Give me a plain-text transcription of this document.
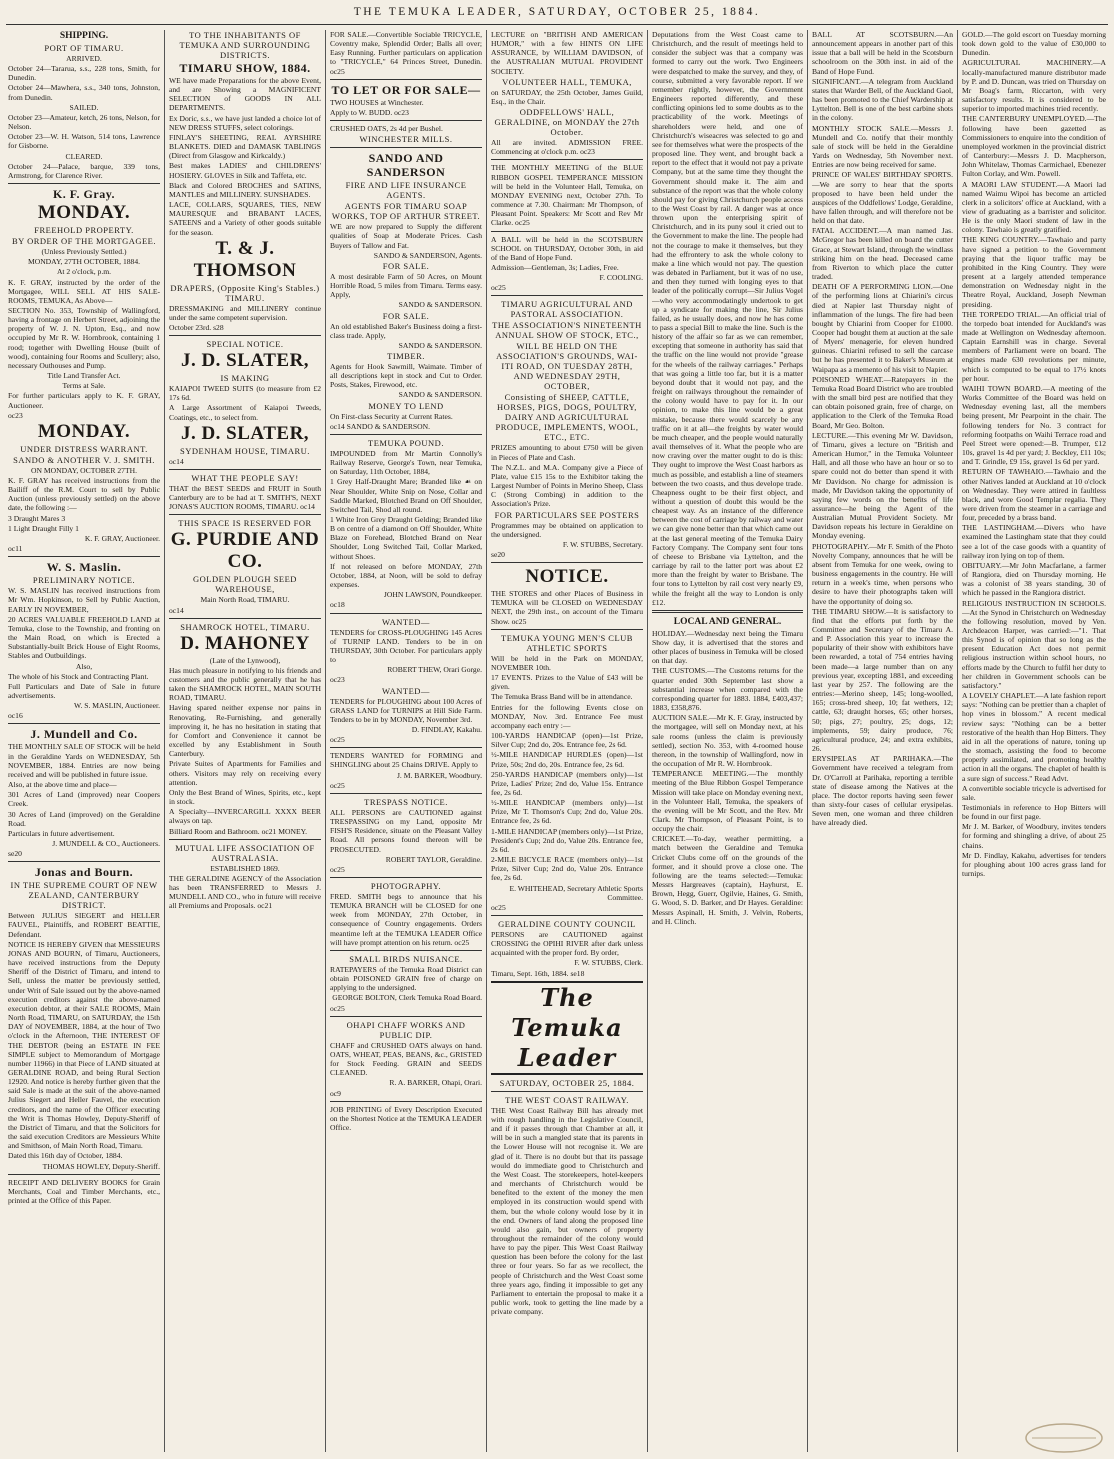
THE TEMUKA LEADER, SATURDAY, OCTOBER 25, 1884.
SHIPPING.
PORT OF TIMARU.
ARRIVED.

October 24—Tararua, s.s., 228 tons, Smith, for Dunedin.

October 24—Mawhera, s.s., 340 tons, Johnston, from Dunedin.

SAILED.

October 23—Amateur, ketch, 26 tons, Nelson, for Nelson.

October 23—W. H. Watson, 514 tons, Lawrence for Gisborne.

CLEARED.

October 24—Palace, barque, 339 tons, Armstrong, for Clarence River.

K. F. Gray.
MONDAY.
FREEHOLD PROPERTY.
BY ORDER OF THE MORTGAGEE.
(Unless Previously Settled.)
MONDAY, 27TH OCTOBER, 1884.
At 2 o'clock, p.m.

K. F. GRAY, instructed by the order of the Mortgagee, WILL SELL AT HIS SALE-ROOMS, TEMUKA, As Above—

SECTION No. 353, Township of Wallingford, having a frontage on Herbert Street, adjoining the property of W. J. N. Upton, Esq., and now occupied by Mr R. W. Hornbrook, containing 1 rood; together with Dwelling House (built of wood), containing four Rooms and Scullery; also, necessary Outhouses and Pump.

Title Land Transfer Act.
Terms at Sale.

For further particulars apply to K. F. GRAY, Auctioneer.

oc23

MONDAY.
UNDER DISTRESS WARRANT.
SANDO & ANOTHER V. J. SMITH.
ON MONDAY, OCTOBER 27TH.

K. F. GRAY has received instructions from the Bailiff of the R.M. Court to sell by Public Auction (unless previously settled) on the above date, the following :—

3 Draught Mares 3

1 Light Draught Filly 1

K. F. GRAY, Auctioneer.

oc11

W. S. Maslin.
PRELIMINARY NOTICE.

W. S. MASLIN has received instructions from Mr Wm. Hopkinson, to Sell by Public Auction, EARLY IN NOVEMBER,

20 ACRES VALUABLE FREEHOLD LAND at Temuka, close to the Township, and fronting on the Main Road, on which is Erected a Substantially-built Brick House of Eight Rooms, Stables and Outbuildings.

Also,

The whole of his Stock and Contracting Plant.

Full Particulars and Date of Sale in future advertisements.

W. S. MASLIN, Auctioneer.

oc16

J. Mundell and Co.

THE MONTHLY SALE OF STOCK will be held in the Geraldine Yards on WEDNESDAY, 5th NOVEMBER, 1884. Entries are now being received and will be published in future issue.

Also, at the above time and place—

301 Acres of Land (improved) near Coopers Creek.

30 Acres of Land (improved) on the Geraldine Road.

Particulars in future advertisement.

J. MUNDELL & CO., Auctioneers.

se20

Jonas and Bourn.
IN THE SUPREME COURT OF NEW ZEALAND, CANTERBURY DISTRICT.

Between JULIUS SIEGERT and HELLER FAUVEL, Plaintiffs, and ROBERT BEATTIE, Defendant.

NOTICE IS HEREBY GIVEN that MESSIEURS JONAS AND BOURN, of Timaru, Auctioneers, have received instructions from the Deputy Sheriff of the District of Timaru, and intend to Sell, unless the matter be previously settled, under Writ of Sale issued out by the above-named execution creditors against the above-named execution debtor, at their SALE ROOMS, Main North Road, TIMARU, on SATURDAY, the 15th DAY of NOVEMBER, 1884, at the hour of Two o'clock in the Afternoon, THE INTEREST OF THE DEBTOR (being an ESTATE IN FEE SIMPLE subject to Memorandum of Mortgage number 11966) in that Piece of LAND situated at GERALDINE ROAD, and being Rural Section 12920. And notice is hereby further given that the said Sale is made at the suit of the above-named Julius Siegert and Heller Fauvel, the execution creditors, and the name of the Officer executing the Writ is Thomas Howley, Deputy-Sheriff of the District of Timaru, and that the Solicitors for the said execution Creditors are Messieurs White and Smithson, of Main North Road, Timaru.

Dated this 16th day of October, 1884.

THOMAS HOWLEY, Deputy-Sheriff.

RECEIPT AND DELIVERY BOOKS for Grain Merchants, Coal and Timber Merchants, etc., printed at the Office of this Paper.

TO THE INHABITANTS OF TEMUKA AND SURROUNDING DISTRICTS.
TIMARU SHOW, 1884.

WE have made Preparations for the above Event, and are Showing a MAGNIFICENT SELECTION of GOODS IN ALL DEPARTMENTS.

Ex Doric, s.s., we have just landed a choice lot of NEW DRESS STUFFS, select colorings.

FINLAY'S SHEETING, REAL AYRSHIRE BLANKETS. DIED and DAMASK TABLINGS (Direct from Glasgow and Kirkcaldy.)

Best makes LADIES' and CHILDREN'S' HOSIERY. GLOVES in Silk and Taffeta, etc.

Black and Colored BROCHES and SATINS, MANTLES and MILLINERY. SUNSHADES.

LACE, COLLARS, SQUARES, TIES, NEW MAURESQUE and BRABANT LACES, SATEENS and a Variety of other goods suitable for the season.

T. & J. THOMSON
DRAPERS, (Opposite King's Stables.) TIMARU.

DRESSMAKING and MILLINERY continue under the same competent supervision.

October 23rd. s28

SPECIAL NOTICE.
J. D. SLATER,
IS MAKING

KAIAPOI TWEED SUITS (to measure from £2 17s 6d.

A Large Assortment of Kaiapoi Tweeds, Coatings, etc., to select from.

J. D. SLATER,
SYDENHAM HOUSE, TIMARU.

oc14

WHAT THE PEOPLE SAY!

THAT the BEST SEEDS and FRUIT in South Canterbury are to be had at T. SMITH'S, NEXT JONAS'S AUCTION ROOMS, TIMARU. oc14

THIS SPACE IS RESERVED FOR
G. PURDIE AND CO.
GOLDEN PLOUGH SEED WAREHOUSE,
Main North Road, TIMARU.

oc14

SHAMROCK HOTEL, TIMARU.
D. MAHONEY
(Late of the Lynwood),

Has much pleasure in notifying to his friends and customers and the public generally that he has taken the SHAMROCK HOTEL, MAIN SOUTH ROAD, TIMARU.

Having spared neither expense nor pains in Renovating, Re-Furnishing, and generally improving it, he has no hesitation in stating that for Comfort and Convenience it cannot be excelled by any Establishment in South Canterbury.

Private Suites of Apartments for Families and others. Visitors may rely on receiving every attention.

Only the Best Brand of Wines, Spirits, etc., kept in stock.

A Specialty—INVERCARGILL XXXX BEER always on tap.

Billiard Room and Bathroom. oc21 MONEY.

MUTUAL LIFE ASSOCIATION OF AUSTRALASIA.
ESTABLISHED 1869.

THE GERALDINE AGENCY of the Association has been TRANSFERRED to Messrs J. MUNDELL AND CO., who in future will receive all Premiums and Proposals. oc21

FOR SALE.—Convertible Sociable TRICYCLE, Coventry make, Splendid Order; Balls all over; Easy Running. Further particulars on application to "TRICYCLE," 64 Princes Street, Dunedin. oc25

TO LET OR FOR SALE—

TWO HOUSES at Winchester.

Apply to W. BUDD. oc23

CRUSHED OATS, 2s 4d per Bushel.

WINCHESTER MILLS.
SANDO AND SANDERSON
FIRE AND LIFE INSURANCE AGENTS.
AGENTS FOR TIMARU SOAP WORKS, TOP OF ARTHUR STREET.

WE are now prepared to Supply the different qualities of Soap at Moderate Prices. Cash Buyers of Tallow and Fat.

SANDO & SANDERSON, Agents.
FOR SALE.

A most desirable Farm of 50 Acres, on Mount Horrible Road, 5 miles from Timaru. Terms easy. Apply,

SANDO & SANDERSON.
FOR SALE.

An old established Baker's Business doing a first-class trade. Apply,

SANDO & SANDERSON.
TIMBER.

Agents for Hook Sawmill, Waimate. Timber of all descriptions kept in stock and Cut to Order. Posts, Stakes, Firewood, etc.

SANDO & SANDERSON.
MONEY TO LEND

On First-class Security at Current Rates.

oc14 SANDO & SANDERSON.

TEMUKA POUND.

IMPOUNDED from Mr Martin Connolly's Railway Reserve, George's Town, near Temuka, on Saturday, 11th October, 1884,

1 Grey Half-Draught Mare; Branded like ☙ on Near Shoulder, White Snip on Nose, Collar and Saddle Marked, Blotched Brand on Off Shoulder, Switched Tail, Shod all round.

1 White Iron Grey Draught Gelding; Branded like B on centre of a diamond on Off Shoulder, White Blaze on Forehead, Blotched Brand on Near Shoulder, Long Switched Tail, Collar Marked, without Shoes.

If not released on before MONDAY, 27th October, 1884, at Noon, will be sold to defray expenses.

JOHN LAWSON, Poundkeeper.

oc18

WANTED—

TENDERS for CROSS-PLOUGHING 145 Acres of TURNIP LAND. Tenders to be in on THURSDAY, 30th October. For particulars apply to

ROBERT THEW, Orari Gorge.

oc23

WANTED—

TENDERS for PLOUGHING about 100 Acres of GRASS LAND for TURNIPS at Hill Side Farm. Tenders to be in by MONDAY, November 3rd.

D. FINDLAY, Kakahu.

oc25

TENDERS WANTED for FORMING and SHINGLING about 25 Chains DRIVE. Apply to

J. M. BARKER, Woodbury.

oc25

TRESPASS NOTICE.

ALL PERSONS are CAUTIONED against TRESPASSING on my Land, opposite Mr FISH'S Residence, situate on the Pleasant Valley Road. All persons found thereon will be PROSECUTED.

ROBERT TAYLOR, Geraldine.

oc25

PHOTOGRAPHY.

FRED. SMITH begs to announce that his TEMUKA BRANCH will be CLOSED for one week from MONDAY, 27th October, in consequence of Country engagements. Orders meantime left at the TEMUKA LEADER Office will have prompt attention on his return. oc25

SMALL BIRDS NUISANCE.

RATEPAYERS of the Temuka Road District can obtain POISONED GRAIN free of charge on applying to the undersigned.

GEORGE BOLTON, Clerk Temuka Road Board.

oc25

OHAPI CHAFF WORKS AND PUBLIC DIP.

CHAFF and CRUSHED OATS always on hand. OATS, WHEAT, PEAS, BEANS, &c., GRISTED for Stock Feeding. GRAIN and SEEDS CLEANED.

R. A. BARKER, Ohapi, Orari.

oc9

JOB PRINTING of Every Description Executed on the Shortest Notice at the TEMUKA LEADER Office.

LECTURE on "BRITISH AND AMERICAN HUMOR," with a few HINTS ON LIFE ASSURANCE, by WILLIAM DAVIDSON, of the AUSTRALIAN MUTUAL PROVIDENT SOCIETY.

VOLUNTEER HALL, TEMUKA,

on SATURDAY, the 25th October, James Guild, Esq., in the Chair.

ODDFELLOWS' HALL, GERALDINE, on MONDAY the 27th October.

All are invited. ADMISSION FREE. Commencing at o'clock p.m. oc23

THE MONTHLY MEETING of the BLUE RIBBON GOSPEL TEMPERANCE MISSION will be held in the Volunteer Hall, Temuka, on MONDAY EVENING next, October 27th. To commence at 7.30. Chairman: Mr Thompson, of Pleasant Point. Speakers: Mr Scott and Rev Mr Clarke. oc25

A BALL will be held in the SCOTSBURN SCHOOL on THURSDAY, October 30th, in aid of the Band of Hope Fund.

Admission—Gentleman, 3s; Ladies, Free.

F. COOLING.

oc25

TIMARU AGRICULTURAL AND PASTORAL ASSOCIATION.
THE ASSOCIATION'S NINETEENTH ANNUAL SHOW OF STOCK, ETC.,
WILL BE HELD ON THE ASSOCIATION'S GROUNDS, WAI-ITI ROAD, ON TUESDAY 28TH, AND WEDNESDAY 29TH, OCTOBER,
Consisting of SHEEP, CATTLE, HORSES, PIGS, DOGS, POULTRY, DAIRY AND AGRICULTURAL PRODUCE, IMPLEMENTS, WOOL, ETC., ETC.

PRIZES amounting to about £750 will be given in Pieces of Plate and Cash.

The N.Z.L. and M.A. Company give a Piece of Plate, value £15 15s to the Exhibitor taking the Largest Number of Points in Merino Sheep, Class C (Strong Combing) in addition to the Association's Prize.

FOR PARTICULARS SEE POSTERS

Programmes may be obtained on application to the undersigned.

F. W. STUBBS, Secretary.

se20

NOTICE.

THE STORES and other Places of Business in TEMUKA will be CLOSED on WEDNESDAY NEXT, the 29th inst., on account of the Timaru Show. oc25

TEMUKA YOUNG MEN'S CLUB ATHLETIC SPORTS

Will be held in the Park on MONDAY, NOVEMBER 10th.

17 EVENTS. Prizes to the Value of £43 will be given.

The Temuka Brass Band will be in attendance.

Entries for the following Events close on MONDAY, Nov. 3rd. Entrance Fee must accompany each entry :—

100-YARDS HANDICAP (open)—1st Prize, Silver Cup; 2nd do, 20s. Entrance fee, 2s 6d.

½-MILE HANDICAP HURDLES (open)—1st Prize, 50s; 2nd do, 20s. Entrance fee, 2s 6d.

250-YARDS HANDICAP (members only)—1st Prize, Ladies' Prize; 2nd do, Value 15s. Entrance fee, 2s 6d.

½-MILE HANDICAP (members only)—1st Prize, Mr T. Thomson's Cup; 2nd do, Value 20s. Entrance fee, 2s 6d.

1-MILE HANDICAP (members only)—1st Prize, President's Cup; 2nd do, Value 20s. Entrance fee, 2s 6d.

2-MILE BICYCLE RACE (members only)—1st Prize, Silver Cup; 2nd do, Value 20s. Entrance fee, 2s 6d.

E. WHITEHEAD, Secretary Athletic Sports Committee.

oc25

GERALDINE COUNTY COUNCIL

PERSONS are CAUTIONED against CROSSING the OPIHI RIVER after dark unless acquainted with the proper ford. By order,

F. W. STUBBS, Clerk.

Timaru, Sept. 16th, 1884. se18

The Temuka Leader
SATURDAY, OCTOBER 25, 1884.
THE WEST COAST RAILWAY.

THE West Coast Railway Bill has already met with rough handling in the Legislative Council, and if it passes through that Chamber at all, it will be in such a mangled state that its parents in the Lower House will not recognise it. We are glad of it. There is no doubt but that its passage would do immediate good to Christchurch and the West Coast. The storekeepers, hotel-keepers and merchants of Christchurch would be benefited to the extent of the money the men employed in its construction would spend with them, but the whole colony would lose by it in the end. Owners of land along the proposed line would also gain, but owners of property throughout the remainder of the colony would have to pay the piper. This West Coast Railway question has been before the colony for the last three or four years. So far as we recollect, the people of Christchurch and the West Coast some three years ago, finding it impossible to get any Parliament to entertain the proposal to make it a public work, took to getting the line made by a private company.

Deputations from the West Coast came to Christchurch, and the result of meetings held to consider the subject was that a company was formed to carry out the work. Two Engineers were despatched to make the survey, and they, of course, submitted a very favorable report. If we remember rightly, however, the Government Engineers reported differently, and these conflicting opinions led to some doubts as to the practicability of the work. Meetings of shareholders were held, and one of Christchurch's wiseacres was selected to go and see for themselves what were the prospects of the proposed line. They went, and brought back a report to the effect that it would not pay a private Company, but at the same time they thought the Government should make it. The aim and substance of the report was that the whole colony should pay for giving Christchurch people access to the West Coast by rail. A danger was at once thrown upon the enterprising spirit of Christchurch, and in its puny soul it cried out to the Government to make the line. The people had not the courage to make it themselves, but they had the effrontery to ask the whole colony to make a line which would not pay. The question was debated in Parliament, but it was of no use, and then they turned with longing eyes to that leader of the politically corrupt—Sir Julius Vogel—who very accommodatingly undertook to get up a syndicate for making the line, Sir Julius failed, as he usually does, and now he has come to pass a special Bill to make the line. Such is the history of the affair so far as we can remember, excepting that someone in authority has said that the traffic on the line would not provide "grease for the wheels of the railway carriages." Perhaps that was going a little too far, but it is a matter beyond doubt that it would not pay, and the freight on railways throughout the remainder of the colony would have to pay for it. In our opinion, to make this line would be a great mistake, because there would scarcely be any traffic on it at all—the freights by water would be much cheaper, and the people would naturally avail themselves of it. What the people who are now craving over the matter ought to do is this: They ought to improve the West Coast harbors as much as possible, and establish a line of steamers between the two coasts, and thus develope trade. Cheapness ought to be their first object, and without a question of doubt this would be the cheapest way. As an instance of the difference between the cost of carriage by railway and water we can give none better than that which came out at the last general meeting of the Temuka Dairy Factory Company. The Company sent four tons of cheese to Brisbane via Lyttelton, and the carriage by rail to the latter port was about £2 more than the freight by water to Brisbane. The four tons to Lyttelton by rail cost very nearly £9, while the freight all the way to London is only £12.

LOCAL AND GENERAL.

HOLIDAY.—Wednesday next being the Timaru Show day, it is advertised that the stores and other places of business in Temuka will be closed on that day.

THE CUSTOMS.—The Customs returns for the quarter ended 30th September last show a substantial increase when compared with the corresponding quarter for 1883. 1884, £403,437; 1883, £358,876.

AUCTION SALE.—Mr K. F. Gray, instructed by the mortgagee, will sell on Monday next, at his sale rooms (unless the claim is previously settled), section No. 353, with 4-roomed house thereon, in the township of Wallingford, now in the occupation of Mr R. W. Hornbrook.

TEMPERANCE MEETING.—The monthly meeting of the Blue Ribbon Gospel Temperance Mission will take place on Monday evening next, in the Volunteer Hall, Temuka, the speakers of the evening will be Mr Scott, and the Rev. Mr Clark. Mr Thompson, of Pleasant Point, is to occupy the chair.

CRICKET.—To-day, weather permitting, a match between the Geraldine and Temuka Cricket Clubs come off on the grounds of the former, and it should prove a close one. The following are the teams selected:—Temuka: Messrs Hargreaves (captain), Hayhurst, E. Brown, Hegg, Guerr, Ogilvie, Haines, G. Smith, G. Wood, S. D. Barker, and Dr Hayes. Geraldine: Messrs Aspinall, H. Smith, J. Velvin, Roberts, and H. Clinch.

BALL AT SCOTSBURN.—An announcement appears in another part of this issue that a ball will be held in the Scotsburn schoolroom on the 30th inst. in aid of the Band of Hope Fund.

SIGNIFICANT.—A telegram from Auckland states that Warder Bell, of the Auckland Gaol, has been promoted to the Chief Wardership at Lyttelton. Bell is one of the best carbine shots in the colony.

MONTHLY STOCK SALE.—Messrs J. Mundell and Co. notify that their monthly sale of stock will be held in the Geraldine Yards on Wednesday, 5th November next. Entries are now being received for same.

PRINCE OF WALES' BIRTHDAY SPORTS.—We are sorry to hear that the sports proposed to have been held under the auspices of the Oddfellows' Lodge, Geraldine, have fallen through, and will therefore not be held on that date.

FATAL ACCIDENT.—A man named Jas. McGregor has been killed on board the cutter Grace, at Stewart Island, through the windlass striking him on the head. Deceased came from Riverton to which place the cutter traded.

DEATH OF A PERFORMING LION.—One of the performing lions at Chiarini's circus died at Napier last Thursday night of inflammation of the lungs. The fire had been bought by Chiarini from Cooper for £1000. Cooper had bought them at auction at the sale of Myers' menagerie, for eleven hundred guineas. Chiarini refused to sell the carcase but he has presented it to Baker's Museum at Waipapa as a memento of his visit to Napier.

POISONED WHEAT.—Ratepayers in the Temuka Road Board District who are troubled with the small bird pest are notified that they can obtain poisoned grain, free of charge, on application to the Clerk of the Temuka Road Board, Mr Geo. Bolton.

LECTURE.—This evening Mr W. Davidson, of Timaru, gives a lecture on "British and American Humor," in the Temuka Volunteer Hall, and all those who have an hour or so to spare could not do better than spend it with Mr Davidson. No charge for admission is made, Mr Davidson taking the opportunity of saying few words on the benefits of life assurance—he being the Agent of the Australian Mutual Provident Society. Mr Davidson repeats his lecture in Geraldine on Monday evening.

PHOTOGRAPHY.—Mr F. Smith of the Photo Novelty Company, announces that he will be absent from Temuka for one week, owing to business engagements in the country. He will return in a week's time, when persons who desire to have their photographs taken will have the opportunity of doing so.

THE TIMARU SHOW.—It is satisfactory to find that the efforts put forth by the Committee and Secretary of the Timaru A. and P. Association this year to increase the popularity of their show with exhibitors have been rewarded, a total of 754 entries having been made—a large number than on any previous year, excepting 1881, and exceeding last year by 257. The following are the entries:—Merino sheep, 145; long-woolled, 165; cross-bred sheep, 10; fat wethers, 12; cattle, 63; draught horses, 65; other horses, 50; pigs, 27; poultry, 25; dogs, 12; implements, 59; dairy produce, 76; agricultural produce, 24; and extra exhibits, 26.

ERYSIPELAS AT PARIHAKA.—The Government have received a telegram from Dr. O'Carroll at Parihaka, reporting a terrible state of disease among the Natives at the place. The doctor reports having seen fewer than sixty-four cases of cellular erysipelas. Seven men, one woman and three children have already died.

GOLD.—The gold escort on Tuesday morning took down gold to the value of £30,000 to Dunedin.

AGRICULTURAL MACHINERY.—A locally-manufactured manure distributor made by P. and D. Duncan, was tried on Thursday on Mr Boag's farm, Riccarton, with very satisfactory results. It is considered to be superior to imported machines tried recently.

THE CANTERBURY UNEMPLOYED.—The following have been gazetted as Commissioners to enquire into the condition of unemployed workmen in the provincial district of Canterbury:—Messrs J. D. Macpherson, John Whitelaw, Thomas Carmichael, Ebenezer Fulton Corlay, and Wm. Powell.

A MAORI LAW STUDENT.—A Maori lad named Waimu Wipoi has become an articled clerk in a solicitors' office at Auckland, with a view of graduating as a barrister and solicitor. He is the only Maori student of law in the colony. Tawhaio is greatly gratified.

THE KING COUNTRY.—Tawhaio and party have signed a petition to the Government praying that the liquor traffic may be prohibited in the King Country. They were present at a largely attended temperance demonstration on Wednesday night in the Theatre Royal, Auckland, Joseph Newman presiding.

THE TORPEDO TRIAL.—An official trial of the torpedo boat intended for Auckland's was made at Wellington on Wednesday afternoon. Captain Earnshill was in charge. Several members of Parliament were on board. The engines made 630 revolutions per minute, which is computed to be equal to 17½ knots per hour.

WAIHI TOWN BOARD.—A meeting of the Works Committee of the Board was held on Wednesday evening last, all the members being present, Mr Pearpoint in the chair. The following tenders for No. 3 contract for reforming footpaths on Waihi Terrace road and Peel Street were opened:—B. Trumper, £12 10s, gravel 1s 4d per yard; J. Beckley, £11 10s; and T. Grindle, £9 15s, gravel 1s 6d per yard.

RETURN OF TAWHAIO.—Tawhaio and the other Natives landed at Auckland at 10 o'clock on Wednesday. They were attired in faultless black, and wore Good Templar regalia. They were driven from the steamer in a carriage and four, preceded by a brass band.

THE LASTINGHAM.—Divers who have examined the Lastingham state that they could see a lot of the case goods with a quantity of railway iron lying on top of them.

OBITUARY.—Mr John Macfarlane, a farmer of Rangiora, died on Thursday morning. He was a colonist of 38 years standing, 30 of which he passed in the Rangiora district.

RELIGIOUS INSTRUCTION IN SCHOOLS.—At the Synod in Christchurch on Wednesday the following resolution, moved by Ven. Archdeacon Harper, was carried:—"1. That this Synod is of opinion that so long as the present Education Act does not permit religious instruction within school hours, no efforts made by the Church to fulfil her duty to her children in Government schools can be satisfactory."

A LOVELY CHAPLET.—A late fashion report says: "Nothing can be prettier than a chaplet of hop vines in blossom." A recent medical review says: "Nothing can be a better restorative of the health than Hop Bitters. They aid in all the operations of nature, toning up the stomach, assisting the food to become properly assimilated, and promoting healthy action in all the organs. The chaplet of health is a sure sign of success." Read Advt.

A convertible sociable tricycle is advertised for sale.

Testimonials in reference to Hop Bitters will be found in our first page.

Mr J. M. Barker, of Woodbury, invites tenders for forming and shingling a drive, of about 25 chains.

Mr D. Findlay, Kakahu, advertises for tenders for ploughing about 100 acres grass land for turnips.
